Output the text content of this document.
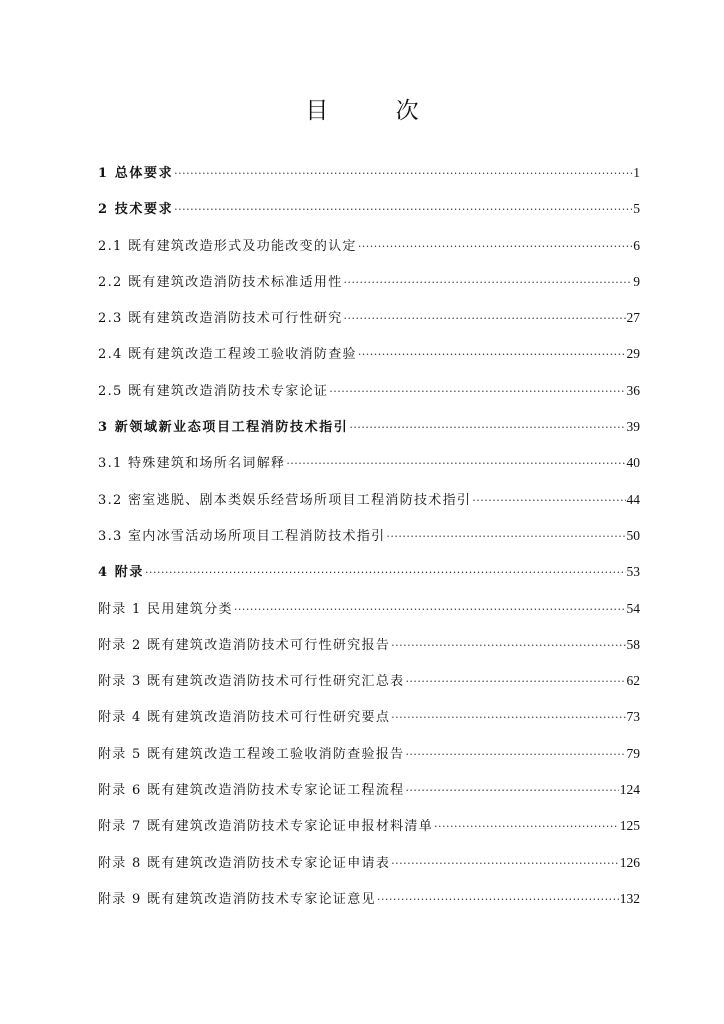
目 次
1 总体要求 ·····	1
2 技术要求 ·····	5
2.1 既有建筑改造形式及功能改变的认定 ·····	6
2.2 既有建筑改造消防技术标准适用性 ·····	9
2.3 既有建筑改造消防技术可行性研究 ·····	27
2.4 既有建筑改造工程竣工验收消防查验 ·····	29
2.5 既有建筑改造消防技术专家论证 ·····	36
3 新领域新业态项目工程消防技术指引 ·····	39
3.1 特殊建筑和场所名词解释 ·····	40
3.2 密室逃脱、剧本类娱乐经营场所项目工程消防技术指引 ·····	44
3.3 室内冰雪活动场所项目工程消防技术指引 ·····	50
4 附录 ·····	53
附录 1 民用建筑分类 ·····	54
附录 2 既有建筑改造消防技术可行性研究报告 ·····	58
附录 3 既有建筑改造消防技术可行性研究汇总表 ·····	62
附录 4 既有建筑改造消防技术可行性研究要点 ·····	73
附录 5 既有建筑改造工程竣工验收消防查验报告 ·····	79
附录 6 既有建筑改造消防技术专家论证工程流程 ·····	124
附录 7 既有建筑改造消防技术专家论证申报材料清单 ·····	125
附录 8 既有建筑改造消防技术专家论证申请表 ·····	126
附录 9 既有建筑改造消防技术专家论证意见 ·····	132
